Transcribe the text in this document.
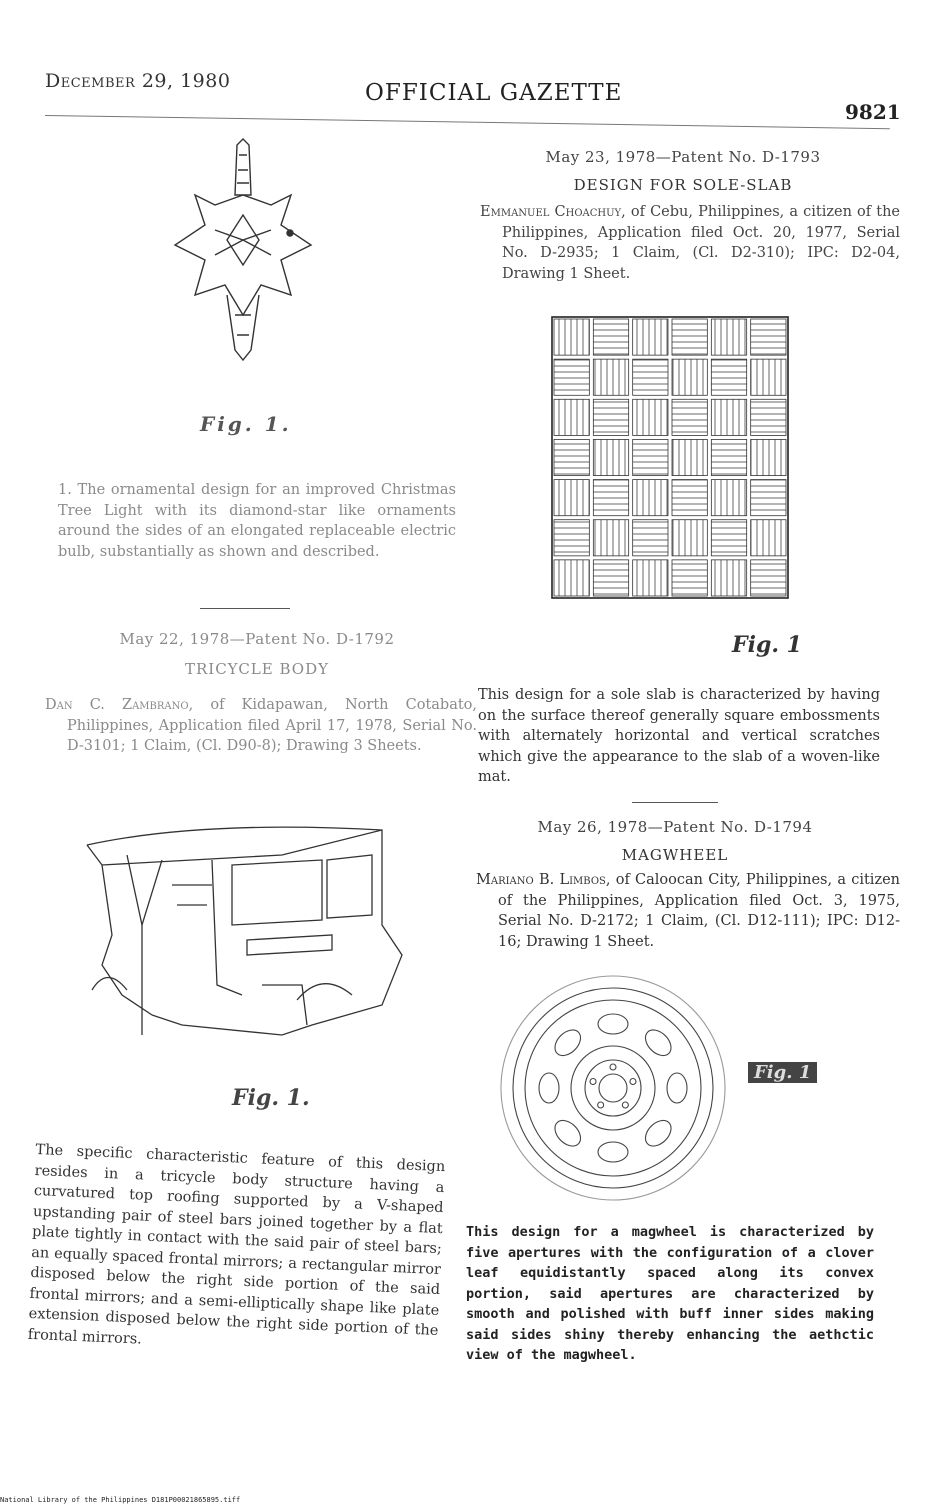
December 29, 1980	OFFICIAL GAZETTE
9821
Fig. 1.
1. The ornamental design for an improved Christmas Tree Light with its diamond-star like ornaments around the sides of an elongated replaceable electric bulb, substantially as shown and described.
May 22, 1978—Patent No. D-1792
TRICYCLE BODY
Dan C. Zambrano, of Kidapawan, North Cotabato, Philippines, Application filed April 17, 1978, Serial No. D-3101; 1 Claim, (Cl. D90-8); Drawing 3 Sheets.
Fig. 1.
The specific characteristic feature of this design resides in a tricycle body structure having a curvatured top roofing supported by a V-shaped upstanding pair of steel bars joined together by a flat plate tightly in contact with the said pair of steel bars; an equally spaced frontal mirrors; a rectangular mirror disposed below the right side portion of the said frontal mirrors; and a semi-elliptically shape like plate extension disposed below the right side portion of the frontal mirrors.
May 23, 1978—Patent No. D-1793
DESIGN FOR SOLE-SLAB
Emmanuel Choachuy, of Cebu, Philippines, a citizen of the Philippines, Application filed Oct. 20, 1977, Serial No. D-2935; 1 Claim, (Cl. D2-310); IPC: D2-04, Drawing 1 Sheet.
Fig. 1
This design for a sole slab is characterized by having on the surface thereof generally square embossments with alternately horizontal and vertical scratches which give the appearance to the slab of a woven-like mat.
May 26, 1978—Patent No. D-1794
MAGWHEEL
Mariano B. Limbos, of Caloocan City, Philippines, a citizen of the Philippines, Application filed Oct. 3, 1975, Serial No. D-2172; 1 Claim, (Cl. D12-111); IPC: D12-16; Drawing 1 Sheet.
Fig. 1
This design for a magwheel is characterized by five apertures with the configuration of a clover leaf equidistantly spaced along its convex portion, said apertures are characterized by smooth and polished with buff inner sides making said sides shiny thereby enhancing the aethctic view of the magwheel.
National Library of the Philippines D181P00021865895.tiff
